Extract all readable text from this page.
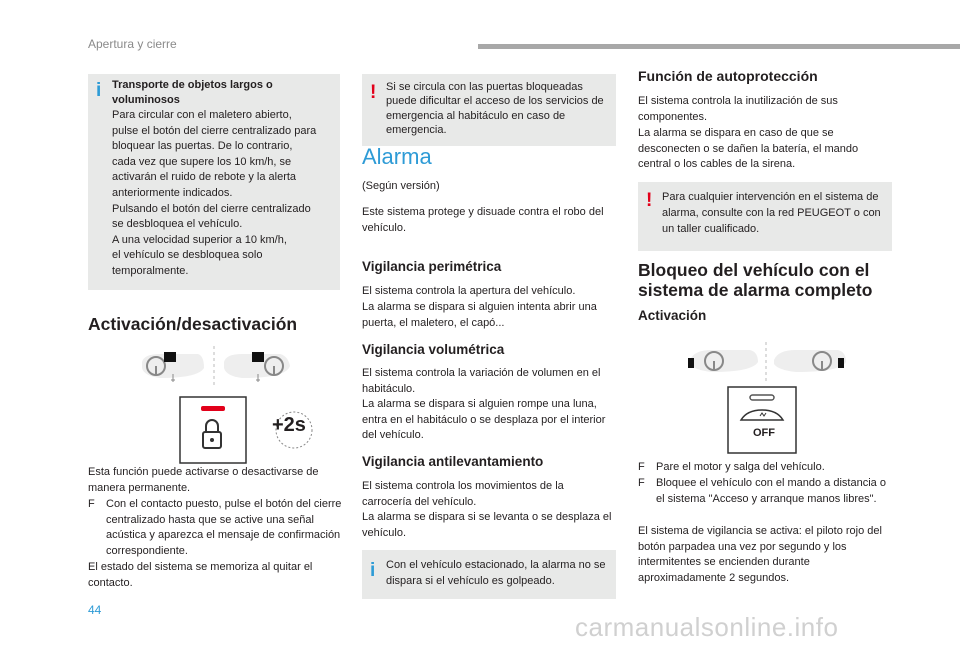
Apertura y cierre
i Transporte de objetos largos o voluminosos
Para circular con el maletero abierto,
pulse el botón del cierre centralizado para
bloquear las puertas. De lo contrario,
cada vez que supere los 10 km/h, se
activarán el ruido de rebote y la alerta
anteriormente indicados.
Pulsando el botón del cierre centralizado
se desbloquea el vehículo.
A una velocidad superior a 10 km/h,
el vehículo se desbloquea solo
temporalmente.
Activación/desactivación
+2s
Esta función puede activarse o desactivarse de manera permanente.
F Con el contacto puesto, pulse el botón del cierre centralizado hasta que se active una señal acústica y aparezca el mensaje de confirmación correspondiente.
El estado del sistema se memoriza al quitar el contacto.
! Si se circula con las puertas bloqueadas puede dificultar el acceso de los servicios de emergencia al habitáculo en caso de emergencia.
Alarma
(Según versión)
Este sistema protege y disuade contra el robo del vehículo.
Vigilancia perimétrica
El sistema controla la apertura del vehículo.
La alarma se dispara si alguien intenta abrir una puerta, el maletero, el capó...
Vigilancia volumétrica
El sistema controla la variación de volumen en el habitáculo.
La alarma se dispara si alguien rompe una luna, entra en el habitáculo o se desplaza por el interior del vehículo.
Vigilancia antilevantamiento
El sistema controla los movimientos de la carrocería del vehículo.
La alarma se dispara si se levanta o se desplaza el vehículo.
i Con el vehículo estacionado, la alarma no se dispara si el vehículo es golpeado.
Función de autoprotección
El sistema controla la inutilización de sus componentes.
La alarma se dispara en caso de que se desconecten o se dañen la batería, el mando central o los cables de la sirena.
! Para cualquier intervención en el sistema de alarma, consulte con la red PEUGEOT o con un taller cualificado.
Bloqueo del vehículo con el sistema de alarma completo
Activación
OFF
F Pare el motor y salga del vehículo.
F Bloquee el vehículo con el mando a distancia o el sistema "Acceso y arranque manos libres".
El sistema de vigilancia se activa: el piloto rojo del botón parpadea una vez por segundo y los intermitentes se encienden durante aproximadamente 2 segundos.
44
carmanualsonline.info
